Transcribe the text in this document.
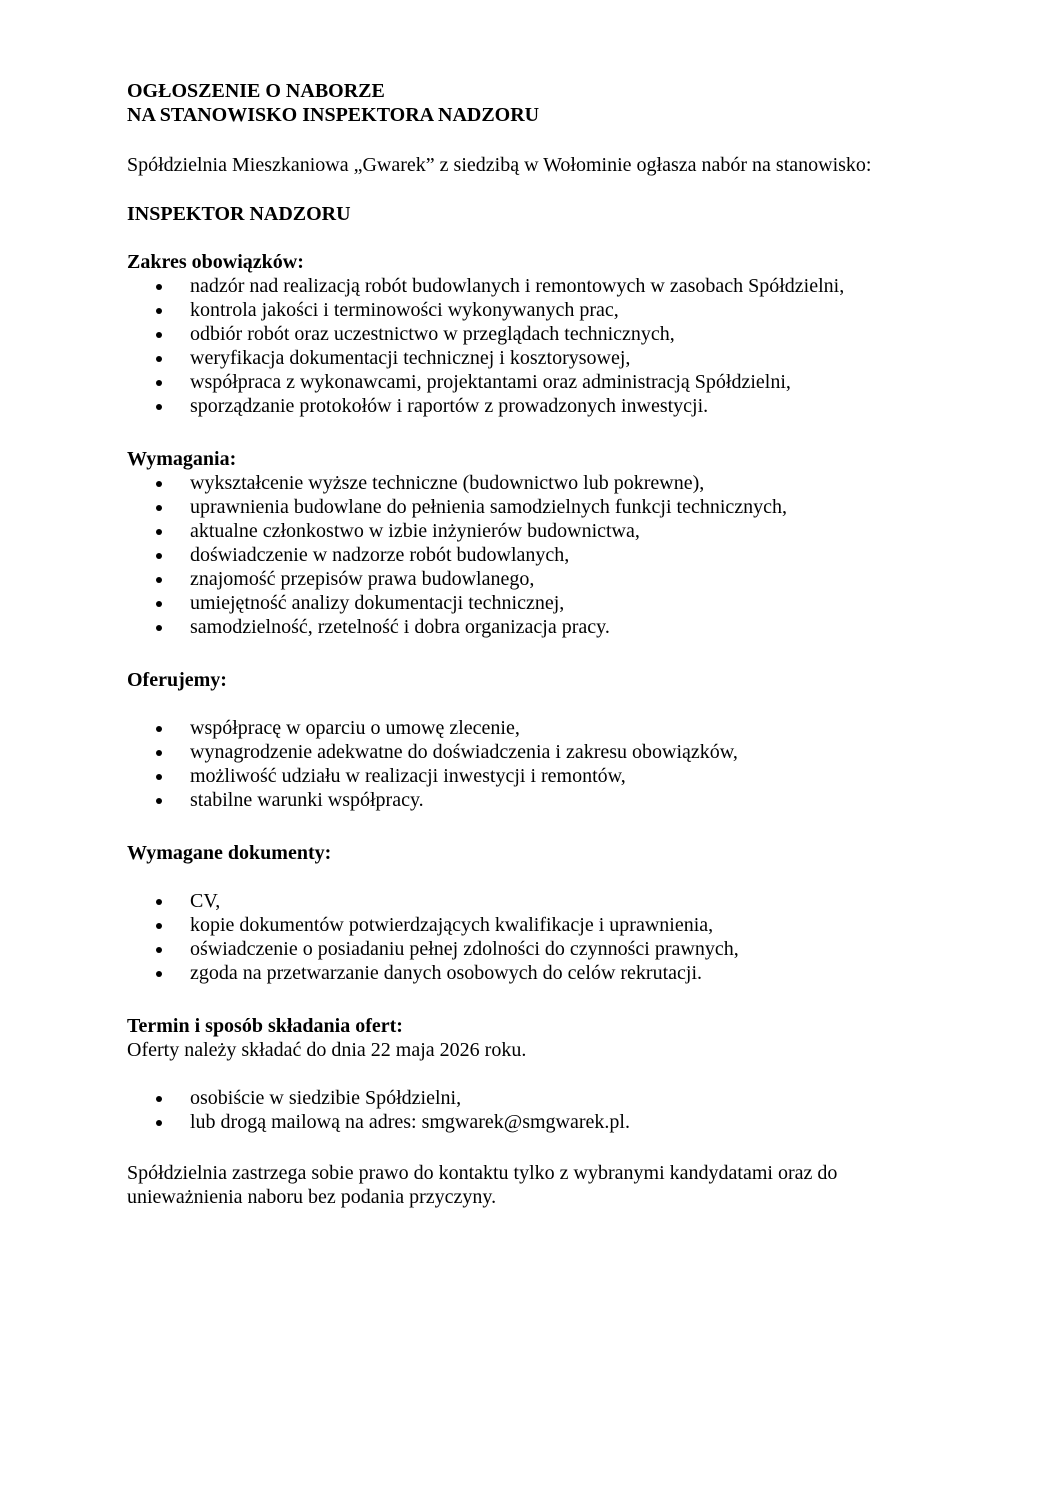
OGŁOSZENIE O NABORZE
NA STANOWISKO INSPEKTORA NADZORU
Spółdzielnia Mieszkaniowa „Gwarek” z siedzibą w Wołominie ogłasza nabór na stanowisko:
INSPEKTOR NADZORU
Zakres obowiązków:
nadzór nad realizacją robót budowlanych i remontowych w zasobach Spółdzielni,
kontrola jakości i terminowości wykonywanych prac,
odbiór robót oraz uczestnictwo w przeglądach technicznych,
weryfikacja dokumentacji technicznej i kosztorysowej,
współpraca z wykonawcami, projektantami oraz administracją Spółdzielni,
sporządzanie protokołów i raportów z prowadzonych inwestycji.
Wymagania:
wykształcenie wyższe techniczne (budownictwo lub pokrewne),
uprawnienia budowlane do pełnienia samodzielnych funkcji technicznych,
aktualne członkostwo w izbie inżynierów budownictwa,
doświadczenie w nadzorze robót budowlanych,
znajomość przepisów prawa budowlanego,
umiejętność analizy dokumentacji technicznej,
samodzielność, rzetelność i dobra organizacja pracy.
Oferujemy:
współpracę w oparciu o umowę zlecenie,
wynagrodzenie adekwatne do doświadczenia i zakresu obowiązków,
możliwość udziału w realizacji inwestycji i remontów,
stabilne warunki współpracy.
Wymagane dokumenty:
CV,
kopie dokumentów potwierdzających kwalifikacje i uprawnienia,
oświadczenie o posiadaniu pełnej zdolności do czynności prawnych,
zgoda na przetwarzanie danych osobowych do celów rekrutacji.
Termin i sposób składania ofert:
Oferty należy składać do dnia 22 maja 2026 roku.
osobiście w siedzibie Spółdzielni,
lub drogą mailową na adres: smgwarek@smgwarek.pl.
Spółdzielnia zastrzega sobie prawo do kontaktu tylko z wybranymi kandydatami oraz do
unieważnienia naboru bez podania przyczyny.
